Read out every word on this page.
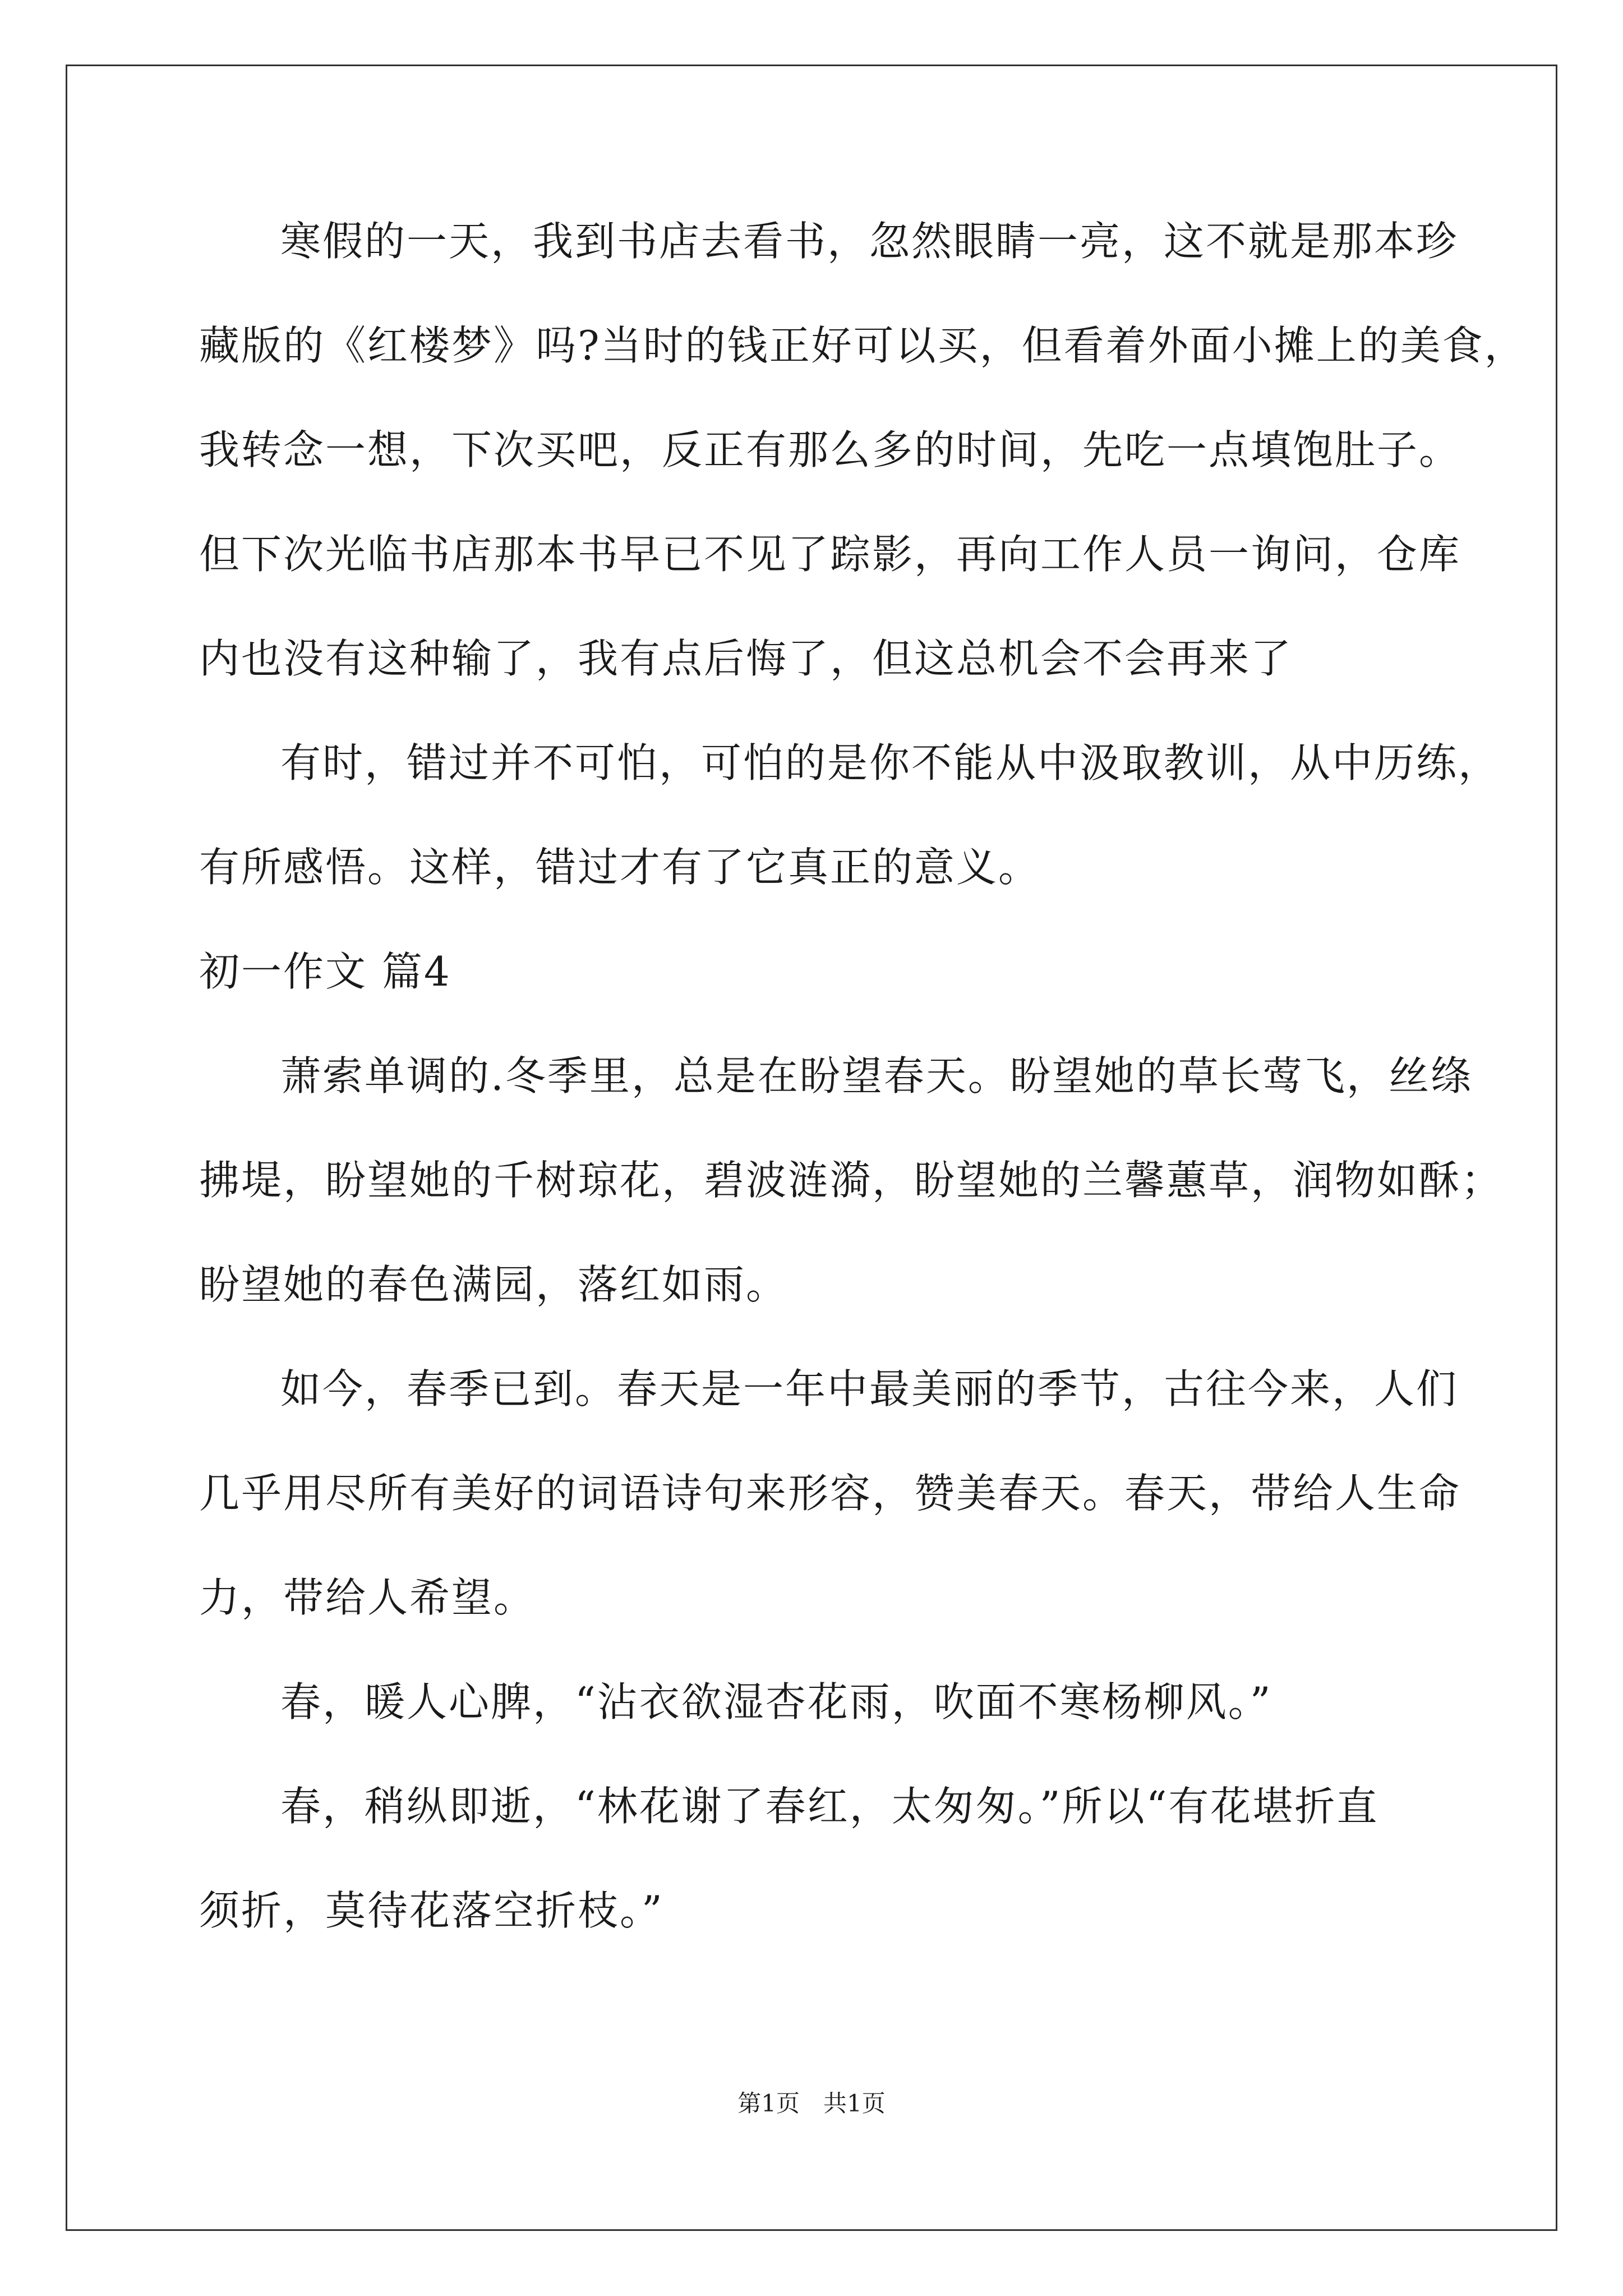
寒假的一天，我到书店去看书，忽然眼睛一亮，这不就是那本珍
藏版的《红楼梦》吗?当时的钱正好可以买，但看着外面小摊上的美食，
我转念一想，下次买吧，反正有那么多的时间，先吃一点填饱肚子。
但下次光临书店那本书早已不见了踪影，再向工作人员一询问，仓库
内也没有这种输了，我有点后悔了，但这总机会不会再来了
有时，错过并不可怕，可怕的是你不能从中汲取教训，从中历练，
有所感悟。这样，错过才有了它真正的意义。
初一作文 篇4
萧索单调的.冬季里，总是在盼望春天。盼望她的草长莺飞，丝绦
拂堤，盼望她的千树琼花，碧波涟漪，盼望她的兰馨蕙草，润物如酥；
盼望她的春色满园，落红如雨。
如今，春季已到。春天是一年中最美丽的季节，古往今来，人们
几乎用尽所有美好的词语诗句来形容，赞美春天。春天，带给人生命
力，带给人希望。
春，暖人心脾，“沾衣欲湿杏花雨，吹面不寒杨柳风。”
春，稍纵即逝，“林花谢了春红，太匆匆。”所以“有花堪折直
须折，莫待花落空折枝。”
第1页　共1页
